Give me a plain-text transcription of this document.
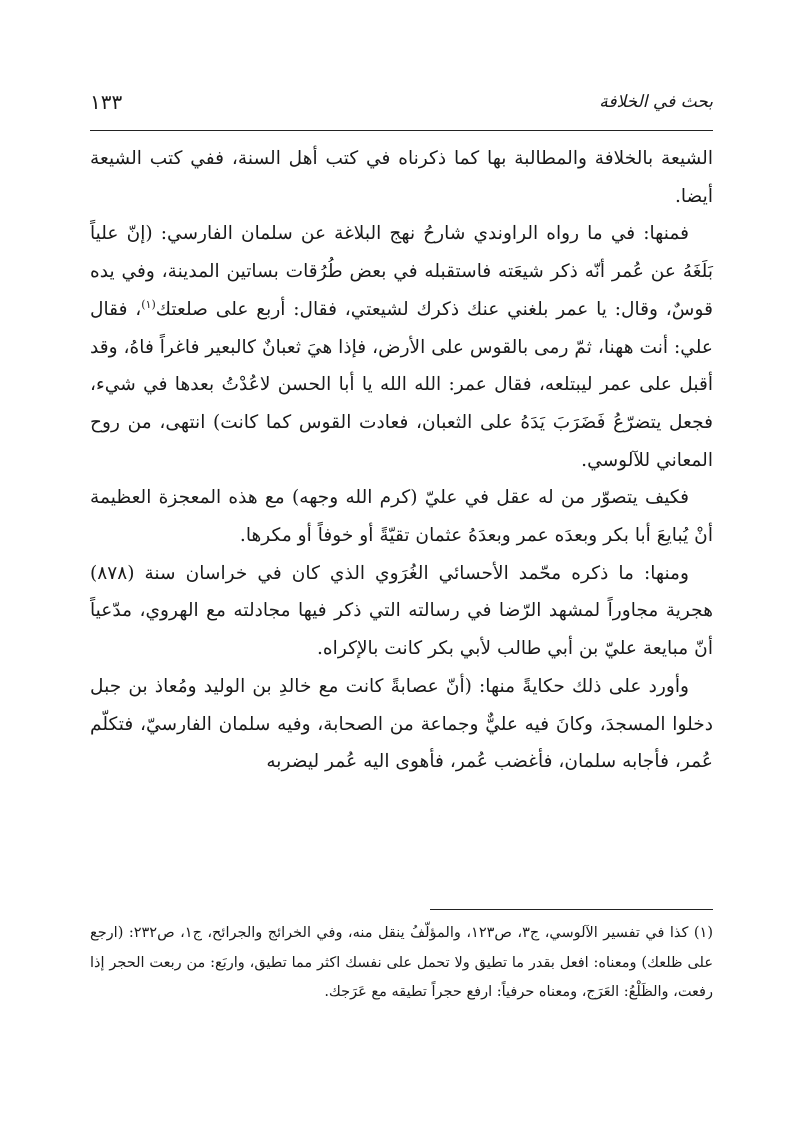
بحث في الخلافة
١٣٣

الشيعة بالخلافة والمطالبة بها كما ذكرناه في كتب أهل السنة، ففي كتب الشيعة أيضا.

فمنها: في ما رواه الراوندي شارحُ نهج البلاغة عن سلمان الفارسي: (إنّ علياً بَلَغَهُ عن عُمر أنّه ذكر شيعَته فاستقبله في بعض طُرُقات بساتين المدينة، وفي يده قوسٌ، وقال: يا عمر بلغني عنك ذكرك لشيعتي، فقال: أربع على صلعتك$^{(١)}$، فقال علي: أنت ههنا، ثمّ رمى بالقوس على الأرض، فإذا هيَ ثعبانٌ كالبعير فاغراً فاهُ، وقد أقبل على عمر ليبتلعه، فقال عمر: الله الله يا أبا الحسن لاعُدْتُ بعدها في شيء، فجعل يتضرّعُ فَضَرَبَ يَدَهُ على الثعبان، فعادت القوس كما كانت) انتهى، من روح المعاني للآلوسي.

فكيف يتصوّر من له عقل في عليّ (كرم الله وجهه) مع هذه المعجزة العظيمة أنْ يُبايعَ أبا بكر وبعدَه عمر وبعدَهُ عثمان تقيّةً أو خوفاً أو مكرها.

ومنها: ما ذكره محّمد الأحسائي الغُرَوي الذي كان في خراسان سنة (٨٧٨) هجرية مجاوراً لمشهد الرّضا في رسالته التي ذكر فيها مجادلته مع الهروي، مدّعياً أنّ مبايعة عليّ بن أبي طالب لأبي بكر كانت بالإكراه.

وأورد على ذلك حكايةً منها: (أنّ عصابةً كانت مع خالدِ بن الوليد ومُعاذ بن جبل دخلوا المسجدَ، وكانَ فيه عليٌّ وجماعة من الصحابة، وفيه سلمان الفارسيّ، فتكلّم عُمر، فأجابه سلمان، فأغضب عُمر، فأهوى اليه عُمر ليضربه

(١) كذا في تفسير الآلوسي، ج٣، ص١٢٣، والمؤلّفُ ينقل منه، وفي الخرائج والجرائح، ج١، ص٢٣٢: (ارجع على ظلعك) ومعناه: افعل بقدر ما تطيق ولا تحمل على نفسك اكثر مما تطيق، واربَع: من ربعت الحجر إذا رفعت، والظَلْعُ: العَرَج، ومعناه حرفياً: ارفع حجراً تطيقه مع عَرَجك.
